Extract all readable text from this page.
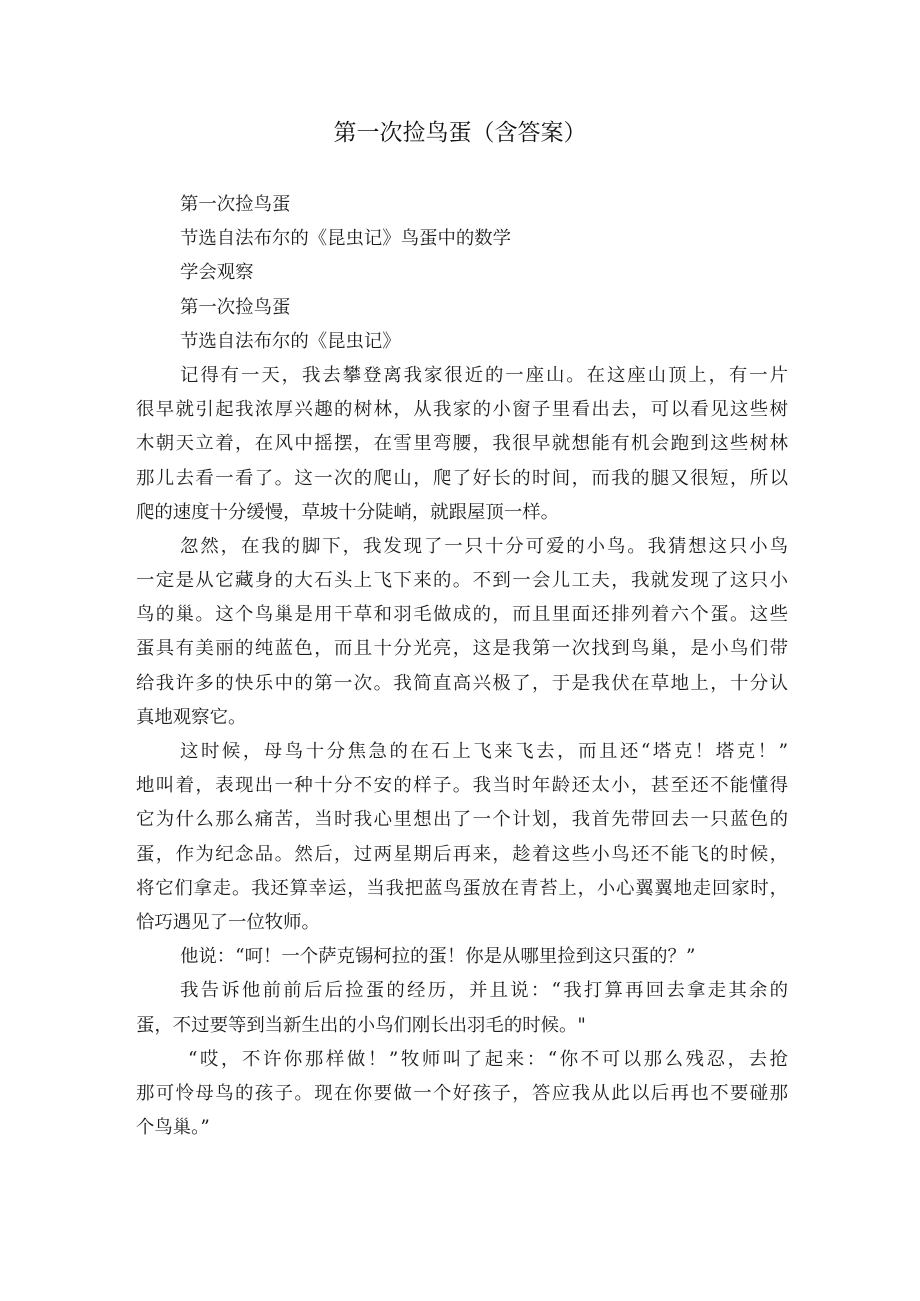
第一次捡鸟蛋（含答案）
第一次捡鸟蛋
节选自法布尔的《昆虫记》鸟蛋中的数学
学会观察
第一次捡鸟蛋
节选自法布尔的《昆虫记》
记得有一天，我去攀登离我家很近的一座山。在这座山顶上，有一片
很早就引起我浓厚兴趣的树林，从我家的小窗子里看出去，可以看见这些树
木朝天立着，在风中摇摆，在雪里弯腰，我很早就想能有机会跑到这些树林
那儿去看一看了。这一次的爬山，爬了好长的时间，而我的腿又很短，所以
爬的速度十分缓慢，草坡十分陡峭，就跟屋顶一样。
忽然，在我的脚下，我发现了一只十分可爱的小鸟。我猜想这只小鸟
一定是从它藏身的大石头上飞下来的。不到一会儿工夫，我就发现了这只小
鸟的巢。这个鸟巢是用干草和羽毛做成的，而且里面还排列着六个蛋。这些
蛋具有美丽的纯蓝色，而且十分光亮，这是我第一次找到鸟巢，是小鸟们带
给我许多的快乐中的第一次。我简直高兴极了，于是我伏在草地上，十分认
真地观察它。
这时候，母鸟十分焦急的在石上飞来飞去，而且还“塔克！塔克！”
地叫着，表现出一种十分不安的样子。我当时年龄还太小，甚至还不能懂得
它为什么那么痛苦，当时我心里想出了一个计划，我首先带回去一只蓝色的
蛋，作为纪念品。然后，过两星期后再来，趁着这些小鸟还不能飞的时候，
将它们拿走。我还算幸运，当我把蓝鸟蛋放在青苔上，小心翼翼地走回家时，
恰巧遇见了一位牧师。
他说：“呵！一个萨克锡柯拉的蛋！你是从哪里捡到这只蛋的？”
我告诉他前前后后捡蛋的经历，并且说：“我打算再回去拿走其余的
蛋，不过要等到当新生出的小鸟们刚长出羽毛的时候。"
“哎，不许你那样做！”牧师叫了起来：“你不可以那么残忍，去抢
那可怜母鸟的孩子。现在你要做一个好孩子，答应我从此以后再也不要碰那
个鸟巢。”
